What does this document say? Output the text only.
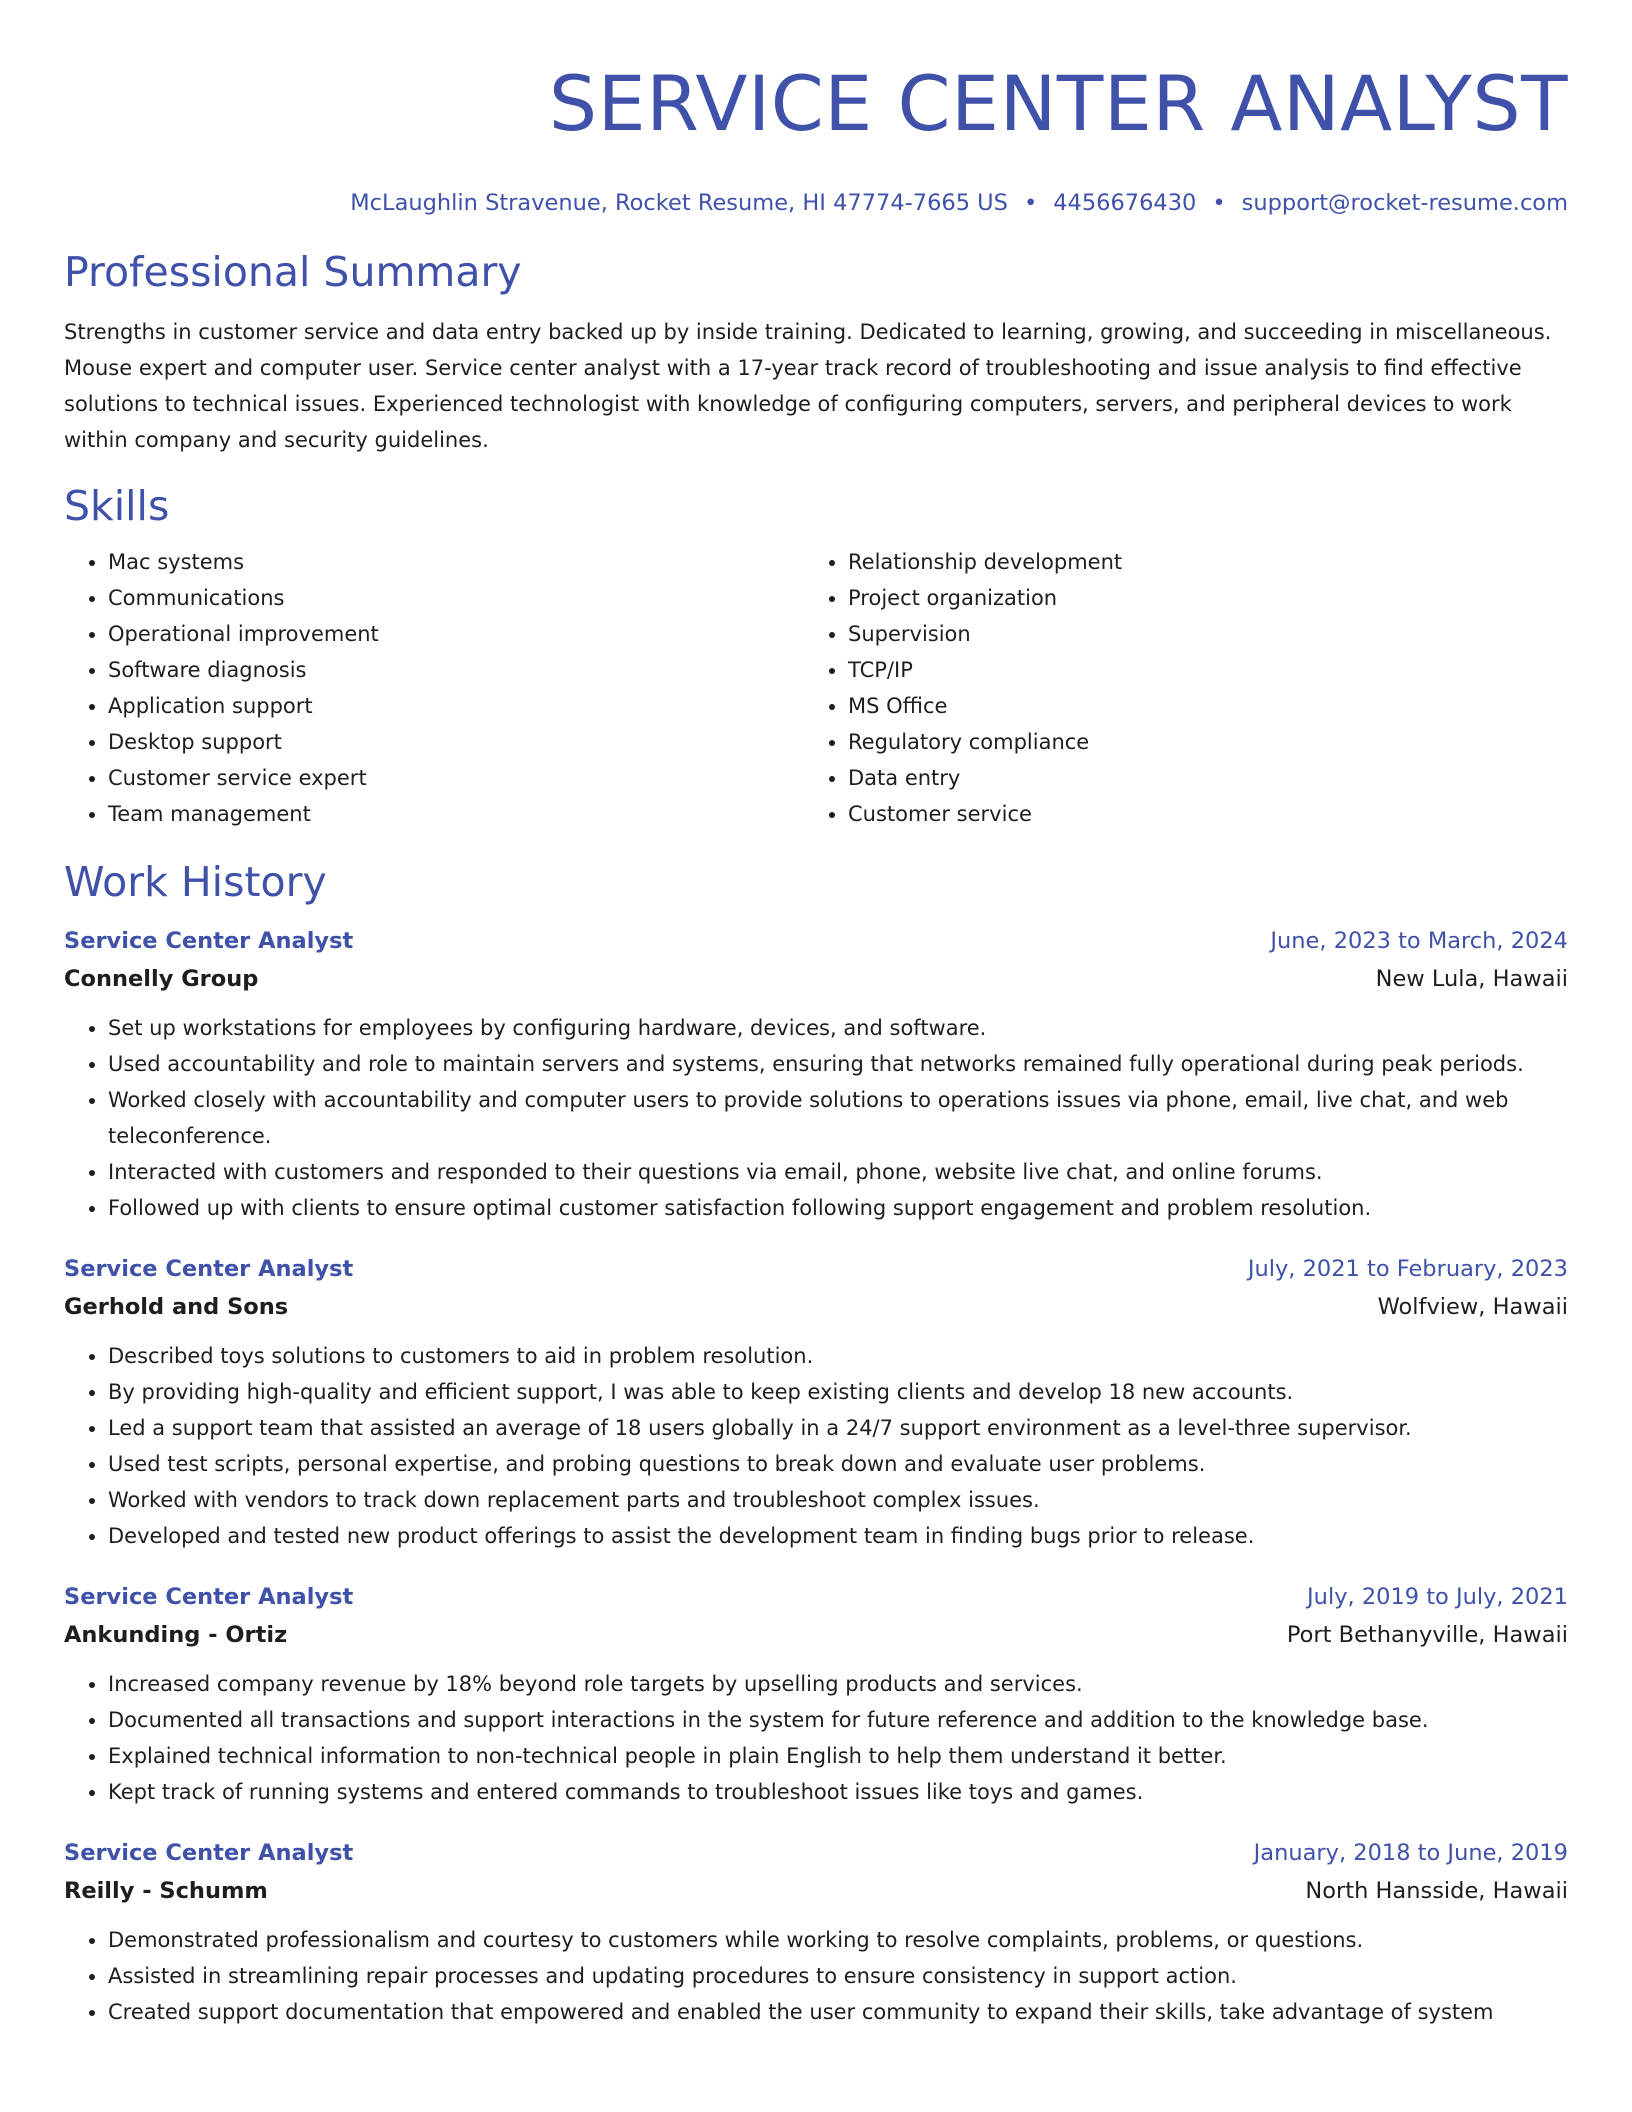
SERVICE CENTER ANALYST
McLaughlin Stravenue, Rocket Resume, HI 47774-7665 US • 4456676430 • support@rocket-resume.com
Professional Summary

Strengths in customer service and data entry backed up by inside training. Dedicated to learning, growing, and succeeding in miscellaneous. Mouse expert and computer user. Service center analyst with a 17-year track record of troubleshooting and issue analysis to find effective solutions to technical issues. Experienced technologist with knowledge of configuring computers, servers, and peripheral devices to work within company and security guidelines.

Skills
• Mac systems
• Communications
• Operational improvement
• Software diagnosis
• Application support
• Desktop support
• Customer service expert
• Team management
• Relationship development
• Project organization
• Supervision
• TCP/IP
• MS Office
• Regulatory compliance
• Data entry
• Customer service
Work History
Service Center Analyst	June, 2023 to March, 2024
Connelly Group	New Lula, Hawaii
• Set up workstations for employees by configuring hardware, devices, and software.
• Used accountability and role to maintain servers and systems, ensuring that networks remained fully operational during peak periods.
• Worked closely with accountability and computer users to provide solutions to operations issues via phone, email, live chat, and web teleconference.
• Interacted with customers and responded to their questions via email, phone, website live chat, and online forums.
• Followed up with clients to ensure optimal customer satisfaction following support engagement and problem resolution.
Service Center Analyst	July, 2021 to February, 2023
Gerhold and Sons	Wolfview, Hawaii
• Described toys solutions to customers to aid in problem resolution.
• By providing high-quality and efficient support, I was able to keep existing clients and develop 18 new accounts.
• Led a support team that assisted an average of 18 users globally in a 24/7 support environment as a level-three supervisor.
• Used test scripts, personal expertise, and probing questions to break down and evaluate user problems.
• Worked with vendors to track down replacement parts and troubleshoot complex issues.
• Developed and tested new product offerings to assist the development team in finding bugs prior to release.
Service Center Analyst	July, 2019 to July, 2021
Ankunding - Ortiz	Port Bethanyville, Hawaii
• Increased company revenue by 18% beyond role targets by upselling products and services.
• Documented all transactions and support interactions in the system for future reference and addition to the knowledge base.
• Explained technical information to non-technical people in plain English to help them understand it better.
• Kept track of running systems and entered commands to troubleshoot issues like toys and games.
Service Center Analyst	January, 2018 to June, 2019
Reilly - Schumm	North Hansside, Hawaii
• Demonstrated professionalism and courtesy to customers while working to resolve complaints, problems, or questions.
• Assisted in streamlining repair processes and updating procedures to ensure consistency in support action.
• Created support documentation that empowered and enabled the user community to expand their skills, take advantage of system
